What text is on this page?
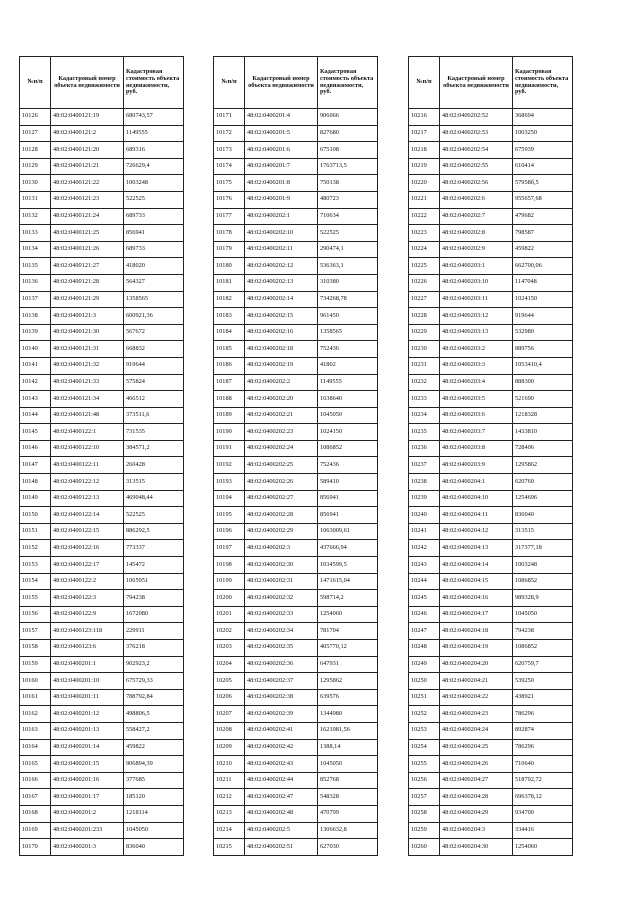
№п/п	Кадастровый номер объекта недвижимости	Кадастровая стоимость объекта недвижимости, руб.
10126	48:02:0400121:19	680743,57
10127	48:02:0400121:2	1149555
10128	48:02:0400121:20	689316
10129	48:02:0400121:21	726629,4
10130	48:02:0400121:22	1003248
10131	48:02:0400121:23	522525
10132	48:02:0400121:24	689733
10133	48:02:0400121:25	856941
10134	48:02:0400121:26	689733
10135	48:02:0400121:27	418020
10136	48:02:0400121:28	564327
10137	48:02:0400121:29	1358565
10138	48:02:0400121:3	600921,36
10139	48:02:0400121:30	567672
10140	48:02:0400121:31	668832
10141	48:02:0400121:32	919644
10142	48:02:0400121:33	575824
10143	48:02:0400121:34	466512
10144	48:02:0400121:48	373511,6
10145	48:02:0400122:1	731535
10146	48:02:0400122:10	384571,2
10147	48:02:0400122:11	260428
10148	48:02:0400122:12	313515
10149	48:02:0400122:13	469048,44
10150	48:02:0400122:14	522525
10151	48:02:0400122:15	886292,5
10152	48:02:0400122:16	773337
10153	48:02:0400122:17	145472
10154	48:02:0400122:2	1065951
10155	48:02:0400122:3	794238
10156	48:02:0400122:9	1672080
10157	48:02:0400123:118	229911
10158	48:02:0400123:6	376218
10159	48:02:0400201:1	902923,2
10160	48:02:0400201:10	675729,33
10161	48:02:0400201:11	788792,84
10162	48:02:0400201:12	498806,5
10163	48:02:0400201:13	558427,2
10164	48:02:0400201:14	459822
10165	48:02:0400201:15	906894,39
10166	48:02:0400201:16	377685
10167	48:02:0400201:17	185120
10168	48:02:0400201:2	1218114
10169	48:02:0400201:233	1045050
10170	48:02:0400201:3	836040
№п/п	Кадастровый номер объекта недвижимости	Кадастровая стоимость объекта недвижимости, руб.
10171	48:02:0400201:4	906066
10172	48:02:0400201:5	827680
10173	48:02:0400201:6	675108
10174	48:02:0400201:7	1763713,5
10175	48:02:0400201:8	750138
10176	48:02:0400201:9	480723
10177	48:02:0400202:1	710634
10178	48:02:0400202:10	522525
10179	48:02:0400202:11	290474,1
10180	48:02:0400202:12	536363,1
10181	48:02:0400202:13	310380
10182	48:02:0400202:14	734268,78
10183	48:02:0400202:15	961450
10184	48:02:0400202:16	1358565
10185	48:02:0400202:18	752436
10186	48:02:0400202:19	41802
10187	48:02:0400202:2	1149555
10188	48:02:0400202:20	1638640
10189	48:02:0400202:21	1045050
10190	48:02:0400202:23	1024150
10191	48:02:0400202:24	1086852
10192	48:02:0400202:25	752436
10193	48:02:0400202:26	589410
10194	48:02:0400202:27	856941
10195	48:02:0400202:28	856941
10196	48:02:0400202:29	1063009,61
10197	48:02:0400202:3	437666,94
10198	48:02:0400202:30	1034599,5
10199	48:02:0400202:31	1471615,04
10200	48:02:0400202:32	598714,2
10201	48:02:0400202:33	1254060
10202	48:02:0400202:34	781704
10203	48:02:0400202:35	405770,12
10204	48:02:0400202:36	647931
10205	48:02:0400202:37	1295862
10206	48:02:0400202:38	639576
10207	48:02:0400202:39	1344980
10208	48:02:0400202:41	1621081,56
10209	48:02:0400202:42	1388,14
10210	48:02:0400202:43	1045050
10211	48:02:0400202:44	852768
10212	48:02:0400202:47	548328
10213	48:02:0400202:48	470799
10214	48:02:0400202:5	1306632,8
10215	48:02:0400202:51	627030
№п/п	Кадастровый номер объекта недвижимости	Кадастровая стоимость объекта недвижимости, руб.
10216	48:02:0400202:52	368694
10217	48:02:0400202:53	1003250
10218	48:02:0400202:54	675939
10219	48:02:0400202:55	610414
10220	48:02:0400202:56	57958б,5
10221	48:02:0400202:6	955657,68
10222	48:02:0400202:7	479682
10223	48:02:0400202:8	798587
10224	48:02:0400202:9	459822
10225	48:02:0400203:1	662700,06
10226	48:02:0400203:10	1147048
10227	48:02:0400203:11	1024150
10228	48:02:0400203:12	919644
10229	48:02:0400203:13	532980
10230	48:02:0400203:2	889756
10231	48:02:0400203:3	1053410,4
10232	48:02:0400203:4	888300
10233	48:02:0400203:5	521690
10234	48:02:0400203:6	1218328
10235	48:02:0400203:7	1433810
10236	48:02:0400203:8	728406
10237	48:02:0400203:9	1295862
10238	48:02:0400204:1	620760
10239	48:02:0400204:10	1254696
10240	48:02:0400204:11	836040
10241	48:02:0400204:12	313515
10242	48:02:0400204:13	317377,18
10243	48:02:0400204:14	1003248
10244	48:02:0400204:15	1086852
10245	48:02:0400204:16	989328,9
10246	48:02:0400204:17	1045050
10247	48:02:0400204:18	794238
10248	48:02:0400204:19	1086852
10249	48:02:0400204:20	620759,7
10250	48:02:0400204:21	539250
10251	48:02:0400204:22	438921
10252	48:02:0400204:23	786296
10253	48:02:0400204:24	892874
10254	48:02:0400204:25	786296
10255	48:02:0400204:26	710640
10256	48:02:0400204:27	518792,72
10257	48:02:0400204:28	696378,12
10258	48:02:0400204:29	934700
10259	48:02:0400204:3	334416
10260	48:02:0400204:30	1254060
